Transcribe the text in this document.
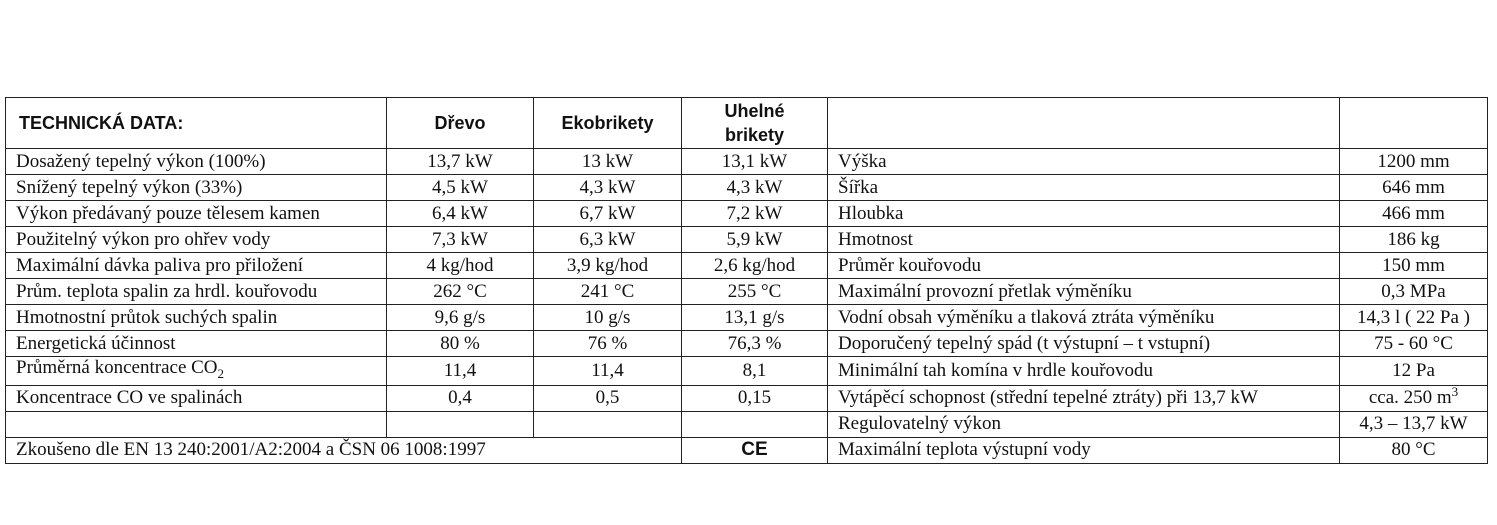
TECHNICKÁ DATA:	Dřevo	Ekobrikety	Uhelné
brikety		

Dosažený tepelný výkon (100%)	13,7 kW	13 kW	13,1 kW	Výška	1200 mm
Snížený tepelný výkon (33%)	4,5 kW	4,3 kW	4,3 kW	Šířka	646 mm
Výkon předávaný pouze tělesem kamen	6,4 kW	6,7 kW	7,2 kW	Hloubka	466 mm
Použitelný výkon pro ohřev vody	7,3 kW	6,3 kW	5,9 kW	Hmotnost	186 kg
Maximální dávka paliva pro přiložení	4 kg/hod	3,9 kg/hod	2,6 kg/hod	Průměr kouřovodu	150 mm
Prům. teplota spalin za hrdl. kouřovodu	262 °C	241 °C	255 °C	Maximální provozní přetlak výměníku	0,3 MPa
Hmotnostní průtok suchých spalin	9,6 g/s	10 g/s	13,1 g/s	Vodní obsah výměníku a tlaková ztráta výměníku	14,3 l ( 22 Pa )
Energetická účinnost	80 %	76 %	76,3 %	Doporučený tepelný spád (t výstupní – t vstupní)	75 - 60 °C
Průměrná koncentrace $CO_2$	11,4	11,4	8,1	Minimální tah komína v hrdle kouřovodu	12 Pa
Koncentrace CO ve spalinách	0,4	0,5	0,15	Vytápěcí schopnost (střední tepelné ztráty) při 13,7 kW	cca. 250 $m^3$
				Regulovatelný výkon	4,3 – 13,7 kW
Zkoušeno dle EN 13 240:2001/A2:2004 a ČSN 06 1008:1997			CE	Maximální teplota výstupní vody	80 °C
